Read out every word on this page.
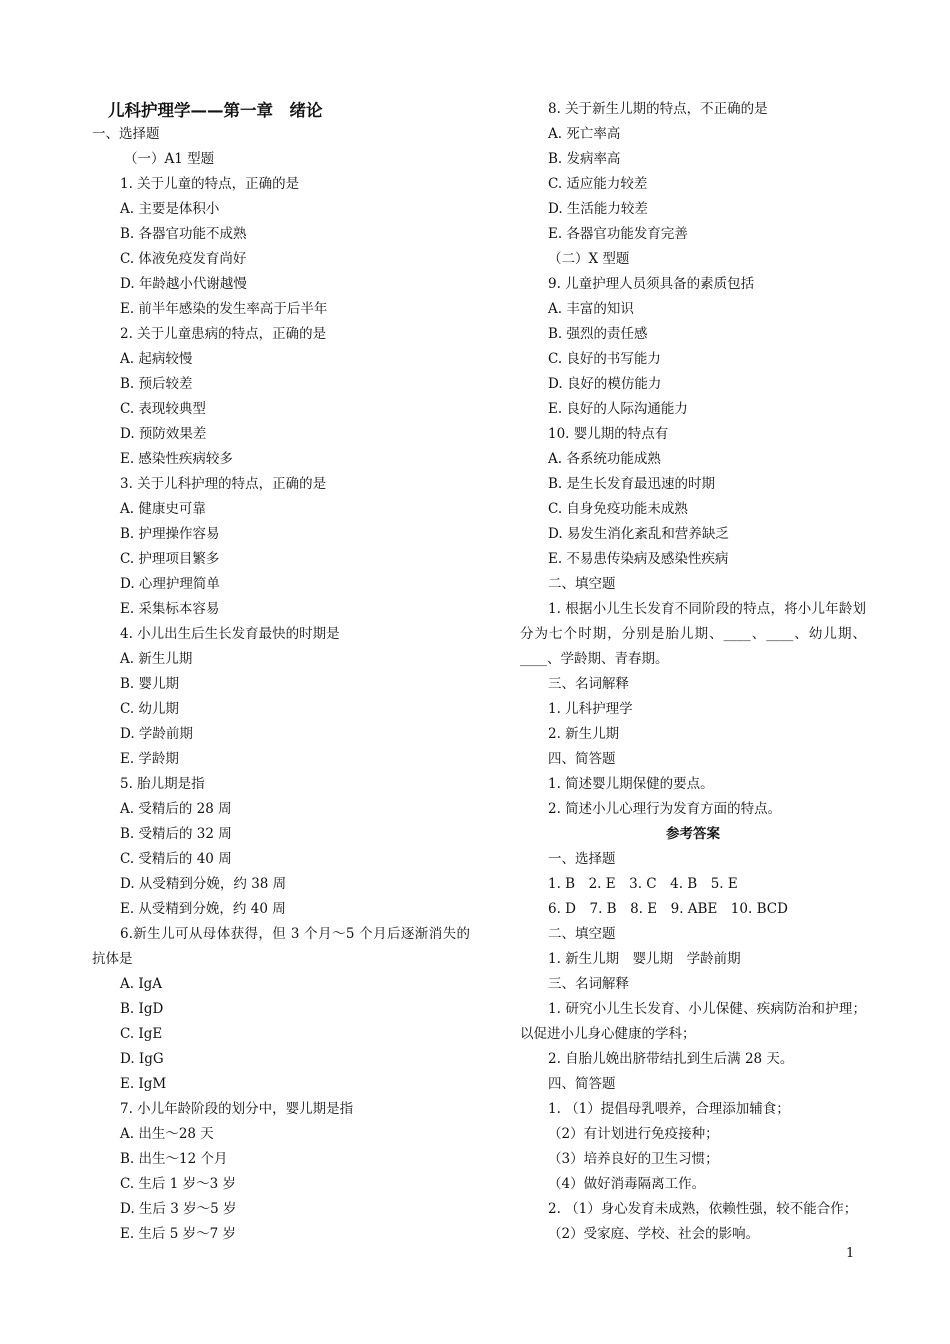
儿科护理学——第一章　绪论
一、选择题
（一）A1 型题
1. 关于儿童的特点，正确的是
A. 主要是体积小
B. 各器官功能不成熟
C. 体液免疫发育尚好
D. 年龄越小代谢越慢
E. 前半年感染的发生率高于后半年
2. 关于儿童患病的特点，正确的是
A. 起病较慢
B. 预后较差
C. 表现较典型
D. 预防效果差
E. 感染性疾病较多
3. 关于儿科护理的特点，正确的是
A. 健康史可靠
B. 护理操作容易
C. 护理项目繁多
D. 心理护理简单
E. 采集标本容易
4. 小儿出生后生长发育最快的时期是
A. 新生儿期
B. 婴儿期
C. 幼儿期
D. 学龄前期
E. 学龄期
5. 胎儿期是指
A. 受精后的 28 周
B. 受精后的 32 周
C. 受精后的 40 周
D. 从受精到分娩，约 38 周
E. 从受精到分娩，约 40 周
6.新生儿可从母体获得，但 3 个月～5 个月后逐渐消失的抗体是
A. IgA
B. IgD
C. IgE
D. IgG
E. IgM
7. 小儿年龄阶段的划分中，婴儿期是指
A. 出生～28 天
B. 出生～12 个月
C. 生后 1 岁～3 岁
D. 生后 3 岁～5 岁
E. 生后 5 岁～7 岁
8. 关于新生儿期的特点，不正确的是
A. 死亡率高
B. 发病率高
C. 适应能力较差
D. 生活能力较差
E. 各器官功能发育完善
（二）X 型题
9. 儿童护理人员须具备的素质包括
A. 丰富的知识
B. 强烈的责任感
C. 良好的书写能力
D. 良好的模仿能力
E. 良好的人际沟通能力
10. 婴儿期的特点有
A. 各系统功能成熟
B. 是生长发育最迅速的时期
C. 自身免疫功能未成熟
D. 易发生消化紊乱和营养缺乏
E. 不易患传染病及感染性疾病
二、填空题
1. 根据小儿生长发育不同阶段的特点，将小儿年龄划分为七个时期，分别是胎儿期、____、____、幼儿期、____、学龄期、青春期。
三、名词解释
1. 儿科护理学
2. 新生儿期
四、简答题
1. 简述婴儿期保健的要点。
2. 简述小儿心理行为发育方面的特点。
参考答案
一、选择题
1. B　2. E　3. C　4. B　5. E
6. D　7. B　8. E　9. ABE　10. BCD
二、填空题
1. 新生儿期　婴儿期　学龄前期
三、名词解释
1. 研究小儿生长发育、小儿保健、疾病防治和护理；以促进小儿身心健康的学科；
2. 自胎儿娩出脐带结扎到生后满 28 天。
四、简答题
1. （1）提倡母乳喂养，合理添加辅食；
（2）有计划进行免疫接种；
（3）培养良好的卫生习惯；
（4）做好消毒隔离工作。
2. （1）身心发育未成熟，依赖性强，较不能合作；
（2）受家庭、学校、社会的影响。
1
